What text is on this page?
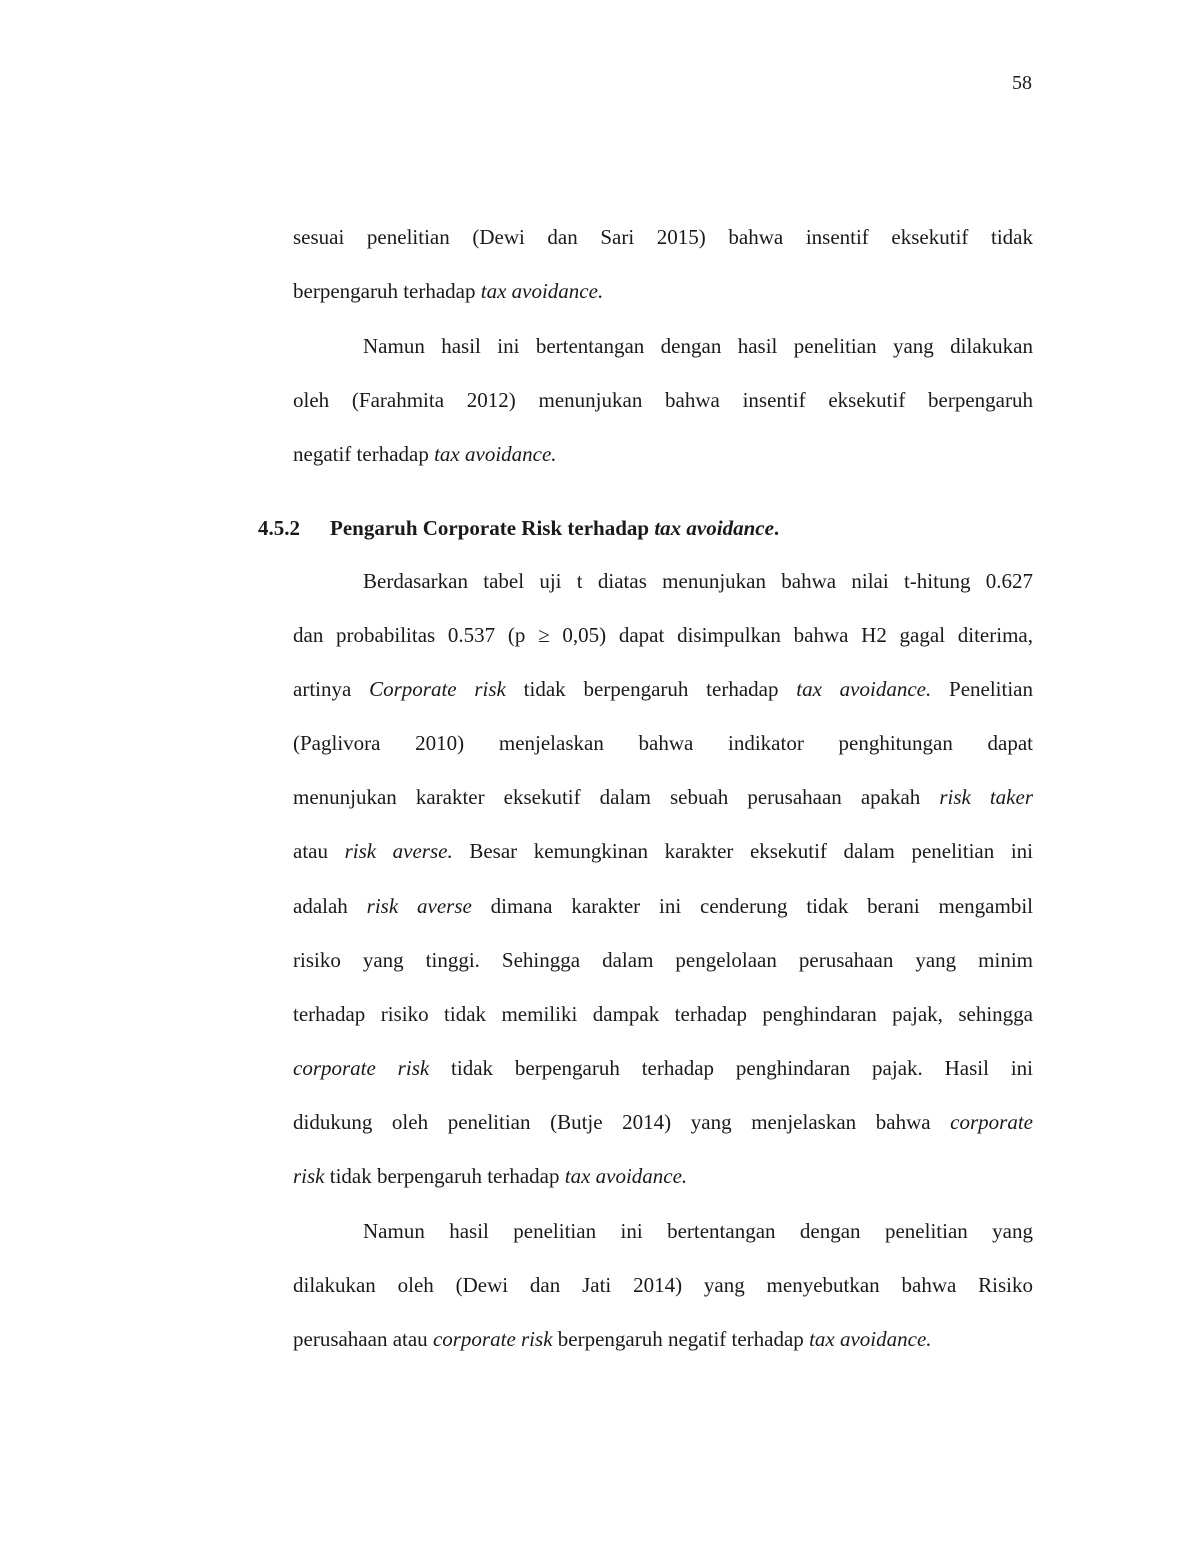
58
sesuai penelitian (Dewi dan Sari 2015) bahwa insentif eksekutif tidak
berpengaruh terhadap tax avoidance.
Namun hasil ini bertentangan dengan hasil penelitian yang dilakukan
oleh (Farahmita 2012) menunjukan bahwa insentif eksekutif berpengaruh
negatif terhadap tax avoidance.
4.5.2 Pengaruh Corporate Risk terhadap tax avoidance.
Berdasarkan tabel uji t diatas menunjukan bahwa nilai t-hitung 0.627
dan probabilitas 0.537 (p ≥ 0,05) dapat disimpulkan bahwa H2 gagal diterima,
artinya Corporate risk tidak berpengaruh terhadap tax avoidance. Penelitian
(Paglivora 2010) menjelaskan bahwa indikator penghitungan dapat
menunjukan karakter eksekutif dalam sebuah perusahaan apakah risk taker
atau risk averse. Besar kemungkinan karakter eksekutif dalam penelitian ini
adalah risk averse dimana karakter ini cenderung tidak berani mengambil
risiko yang tinggi. Sehingga dalam pengelolaan perusahaan yang minim
terhadap risiko tidak memiliki dampak terhadap penghindaran pajak, sehingga
corporate risk tidak berpengaruh terhadap penghindaran pajak. Hasil ini
didukung oleh penelitian (Butje 2014) yang menjelaskan bahwa corporate
risk tidak berpengaruh terhadap tax avoidance.
Namun hasil penelitian ini bertentangan dengan penelitian yang
dilakukan oleh (Dewi dan Jati 2014) yang menyebutkan bahwa Risiko
perusahaan atau corporate risk berpengaruh negatif terhadap tax avoidance.
